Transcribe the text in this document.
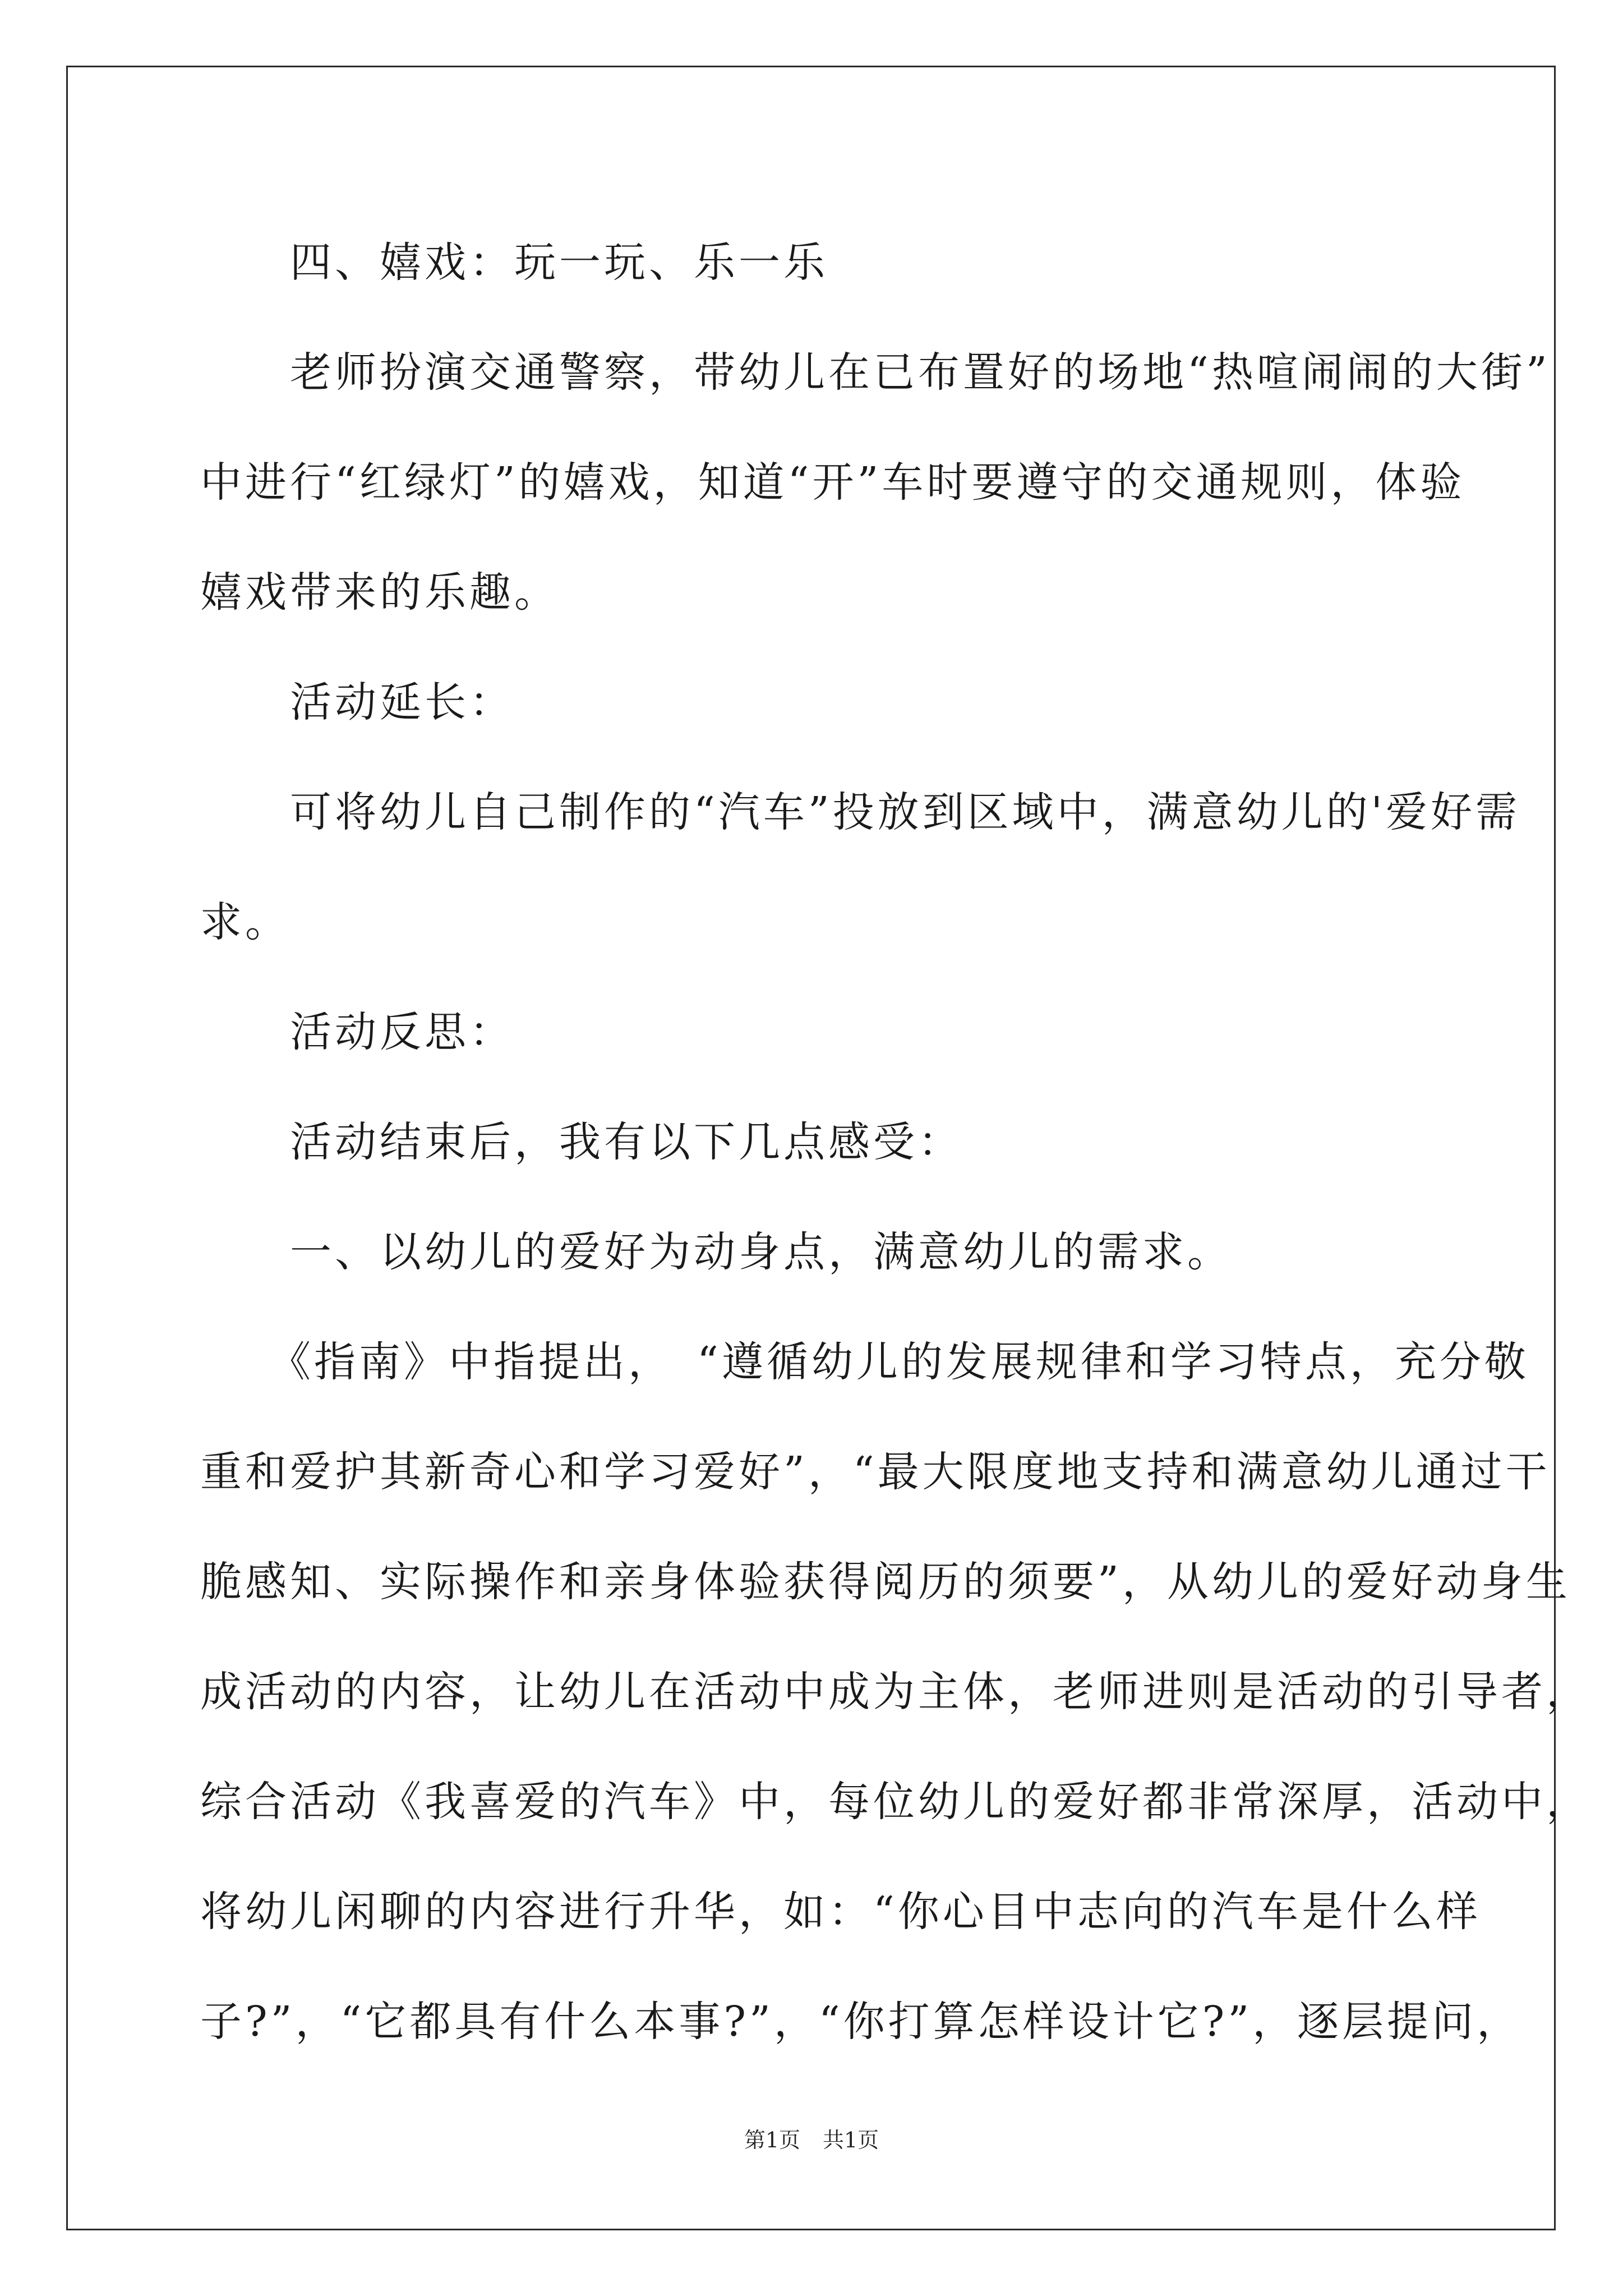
　　四、嬉戏：玩一玩、乐一乐

　　老师扮演交通警察，带幼儿在已布置好的场地“热喧闹闹的大街”

中进行“红绿灯”的嬉戏，知道“开”车时要遵守的交通规则，体验

嬉戏带来的乐趣。

　　活动延长：

　　可将幼儿自己制作的“汽车”投放到区域中，满意幼儿的'爱好需

求。

　　活动反思：

　　活动结束后，我有以下几点感受：

　　一、以幼儿的爱好为动身点，满意幼儿的需求。

　　《指南》中指提出，　“遵循幼儿的发展规律和学习特点，充分敬

重和爱护其新奇心和学习爱好”，“最大限度地支持和满意幼儿通过干

脆感知、实际操作和亲身体验获得阅历的须要”，从幼儿的爱好动身生

成活动的内容，让幼儿在活动中成为主体，老师进则是活动的引导者，

综合活动《我喜爱的汽车》中，每位幼儿的爱好都非常深厚，活动中，

将幼儿闲聊的内容进行升华，如：“你心目中志向的汽车是什么样

子?”，“它都具有什么本事?”，“你打算怎样设计它?”，逐层提问，

第1页 共1页
